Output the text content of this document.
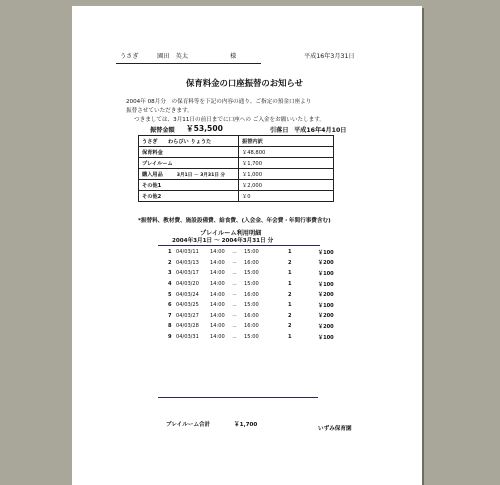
うさぎ　　　園田　英太	様	平成16年3月31日
保育料金の口座振替のお知らせ
2004年 08月分　の保育料等を下記の内容の通り、ご指定の預金口座より
振替させていただきます。
つきましては、3月11日の前日までに口座への ご入金をお願いいたします。
振替金額 ￥53,500	引落日 平成16年4月10日
うさぎ　　わらびい りょうた	振替内訳
保育料金	￥48,800
プレイルーム	￥1,700
購入用品 3月1日 － 3月31日 分	￥1,000
その他1	￥2,000
その他2	￥0
*振替料、教材費、施設設備費、給食費、(入会金、年会費・年間行事費含む)
プレイルーム利用明細
2004年3月1日 ～ 2004年3月31日 分
1	04/03/11	14:00	－	15:00	1	￥100
2	04/03/13	14:00	－	16:00	2	￥200
3	04/03/17	14:00	－	15:00	1	￥100
4	04/03/20	14:00	－	15:00	1	￥100
5	04/03/24	14:00	－	16:00	2	￥200
6	04/03/25	14:00	－	15:00	1	￥100
7	04/03/27	14:00	－	16:00	2	￥200
8	04/03/28	14:00	－	16:00	2	￥200
9	04/03/31	14:00	－	15:00	1	￥100
プレイルーム合計	￥1,700
いずみ保育園
